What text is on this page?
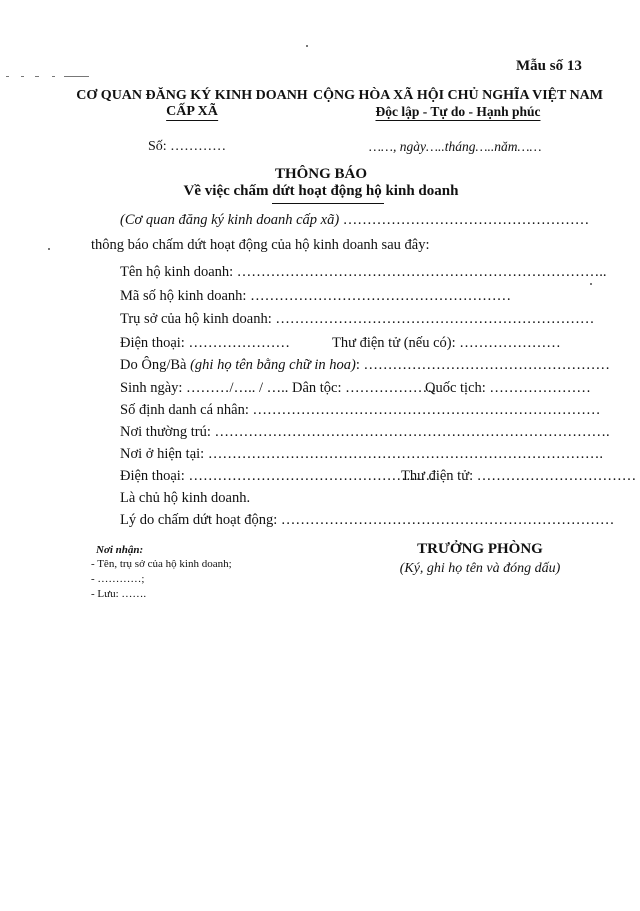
Mẫu số 13
CƠ QUAN ĐĂNG KÝ KINH DOANH
CẤP XÃ
CỘNG HÒA XÃ HỘI CHỦ NGHĨA VIỆT NAM
Độc lập - Tự do - Hạnh phúc
Số: …………	……, ngày…..tháng…..năm……
THÔNG BÁO
Về việc chấm dứt hoạt động hộ kinh doanh
(Cơ quan đăng ký kinh doanh cấp xã) ……………………………………………
thông báo chấm dứt hoạt động của hộ kinh doanh sau đây:
Tên hộ kinh doanh: …………………………………………………………………..
Mã số hộ kinh doanh: ………………………………………………
Trụ sở của hộ kinh doanh: …………………………………………………………
Điện thoại: …………………	Thư điện tử (nếu có): …………………
Do Ông/Bà (ghi họ tên bằng chữ in hoa): ……………………………………………
Sinh ngày: ………/….. / ….. Dân tộc: ……………….
Quốc tịch: …………………
Số định danh cá nhân: ………………………………………………………………
Nơi thường trú: ……………………………………………………………………….
Nơi ở hiện tại: ……………………………………………………………………….
Điện thoại: ……………………………………………
Thư điện tử: ……………………………
Là chủ hộ kinh doanh.
Lý do chấm dứt hoạt động: ……………………………………………………………
Nơi nhận:
- Tên, trụ sở của hộ kinh doanh;
- …………;
- Lưu: …….
TRƯỞNG PHÒNG
(Ký, ghi họ tên và đóng dấu)
